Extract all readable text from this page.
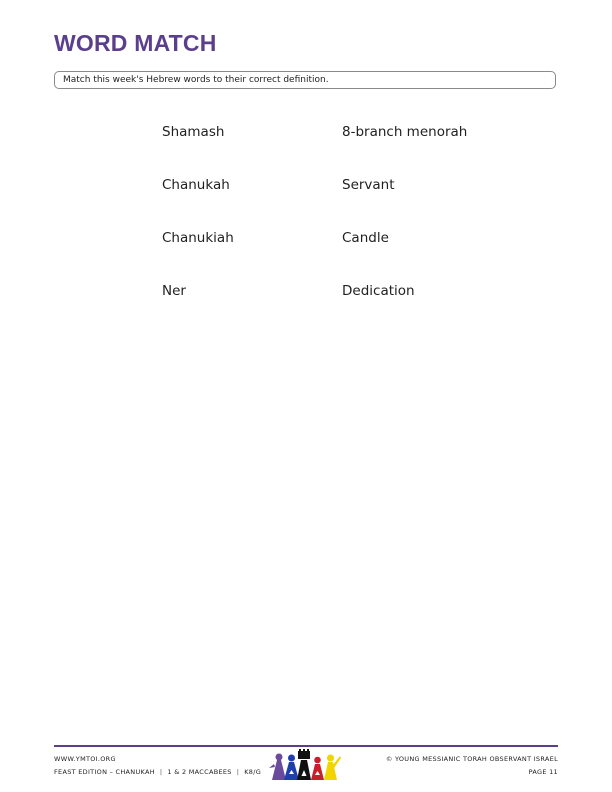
WORD MATCH
Match this week's Hebrew words to their correct definition.
Shamash
Chanukah
Chanukiah
Ner
8-branch menorah
Servant
Candle
Dedication
WWW.YMTOI.ORG
FEAST EDITION – CHANUKAH | 1 & 2 MACCABEES | K8/G
© YOUNG MESSIANIC TORAH OBSERVANT ISRAEL
PAGE 11
